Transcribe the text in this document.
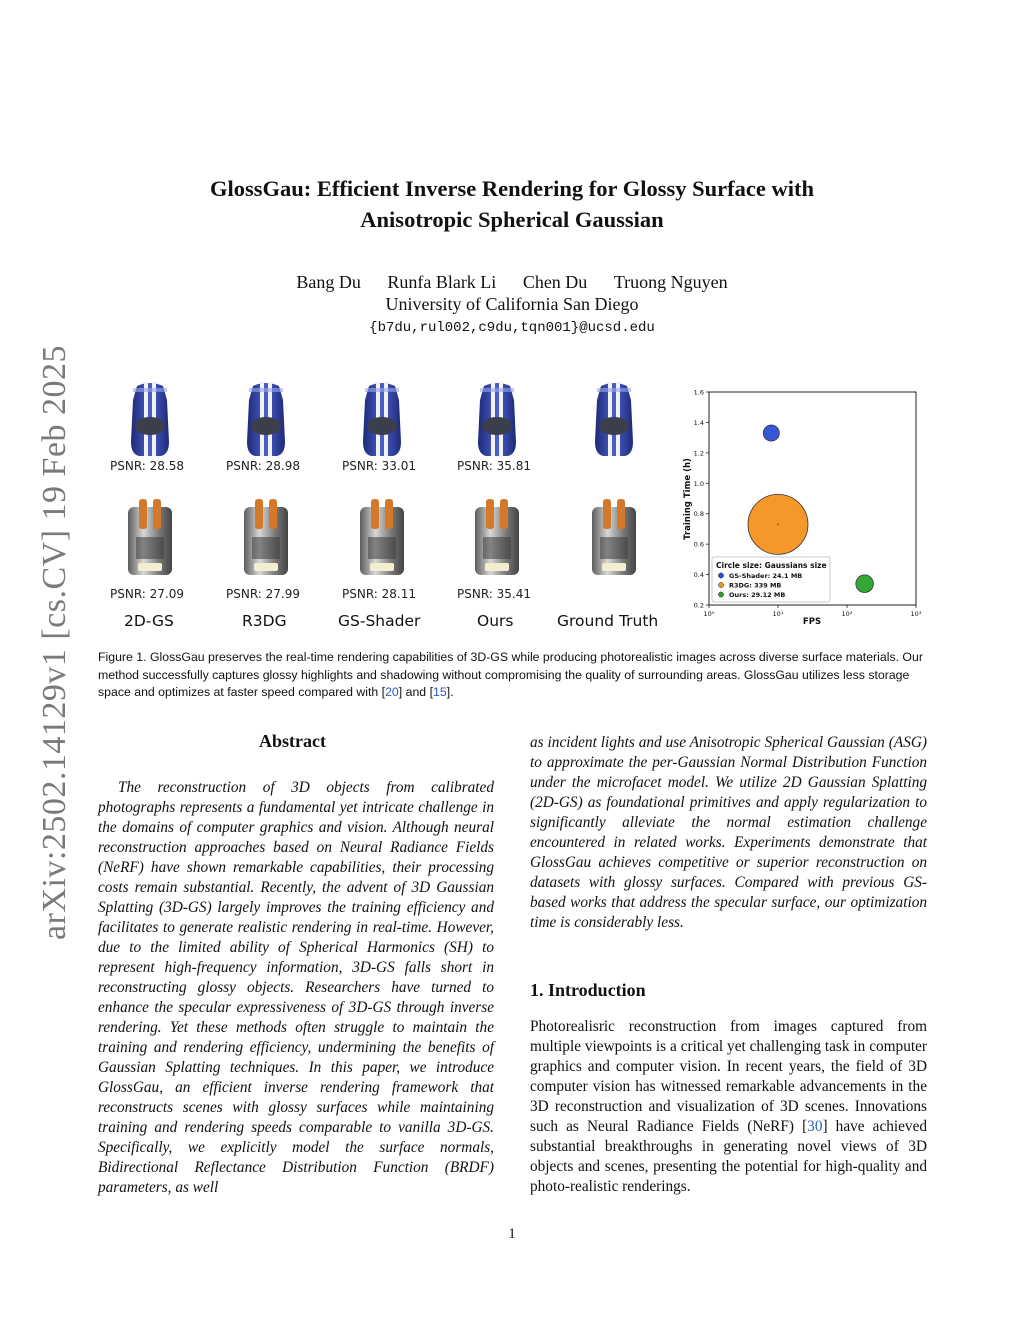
arXiv:2502.14129v1 [cs.CV] 19 Feb 2025
GlossGau: Efficient Inverse Rendering for Glossy Surface with
Anisotropic Spherical Gaussian
Bang Du Runfa Blark Li Chen Du Truong Nguyen
University of California San Diego
{b7du,rul002,c9du,tqn001}@ucsd.edu
PSNR: 28.58	PSNR: 28.98	PSNR: 33.01	PSNR: 35.81
PSNR: 27.09	PSNR: 27.99	PSNR: 28.11	PSNR: 35.41
2D-GS	R3DG	GS-Shader	Ours	Ground Truth
0.2
0.4
0.6
0.8
1.0
1.2
1.4
1.6
10⁰	10¹	10²	10³
Training Time (h)
FPS
Circle size: Gaussians size
GS-Shader: 24.1 MB
R3DG: 339 MB
Ours: 29.12 MB
Figure 1. GlossGau preserves the real-time rendering capabilities of 3D-GS while producing photorealistic images across diverse surface materials. Our method successfully captures glossy highlights and shadowing without compromising the quality of surrounding areas. GlossGau utilizes less storage space and optimizes at faster speed compared with [20] and [15].
Abstract

The reconstruction of 3D objects from calibrated photographs represents a fundamental yet intricate challenge in the domains of computer graphics and vision. Although neural reconstruction approaches based on Neural Radiance Fields (NeRF) have shown remarkable capabilities, their processing costs remain substantial. Recently, the advent of 3D Gaussian Splatting (3D-GS) largely improves the training efficiency and facilitates to generate realistic rendering in real-time. However, due to the limited ability of Spherical Harmonics (SH) to represent high-frequency information, 3D-GS falls short in reconstructing glossy objects. Researchers have turned to enhance the specular expressiveness of 3D-GS through inverse rendering. Yet these methods often struggle to maintain the training and rendering efficiency, undermining the benefits of Gaussian Splatting techniques. In this paper, we introduce GlossGau, an efficient inverse rendering framework that reconstructs scenes with glossy surfaces while maintaining training and rendering speeds comparable to vanilla 3D-GS. Specifically, we explicitly model the surface normals, Bidirectional Reflectance Distribution Function (BRDF) parameters, as well

as incident lights and use Anisotropic Spherical Gaussian (ASG) to approximate the per-Gaussian Normal Distribution Function under the microfacet model. We utilize 2D Gaussian Splatting (2D-GS) as foundational primitives and apply regularization to significantly alleviate the normal estimation challenge encountered in related works. Experiments demonstrate that GlossGau achieves competitive or superior reconstruction on datasets with glossy surfaces. Compared with previous GS-based works that address the specular surface, our optimization time is considerably less.
1. Introduction
Photorealisric reconstruction from images captured from multiple viewpoints is a critical yet challenging task in computer graphics and computer vision. In recent years, the field of 3D computer vision has witnessed remarkable advancements in the 3D reconstruction and visualization of 3D scenes. Innovations such as Neural Radiance Fields (NeRF) [30] have achieved substantial breakthroughs in generating novel views of 3D objects and scenes, presenting the potential for high-quality and photo-realistic renderings.
1
